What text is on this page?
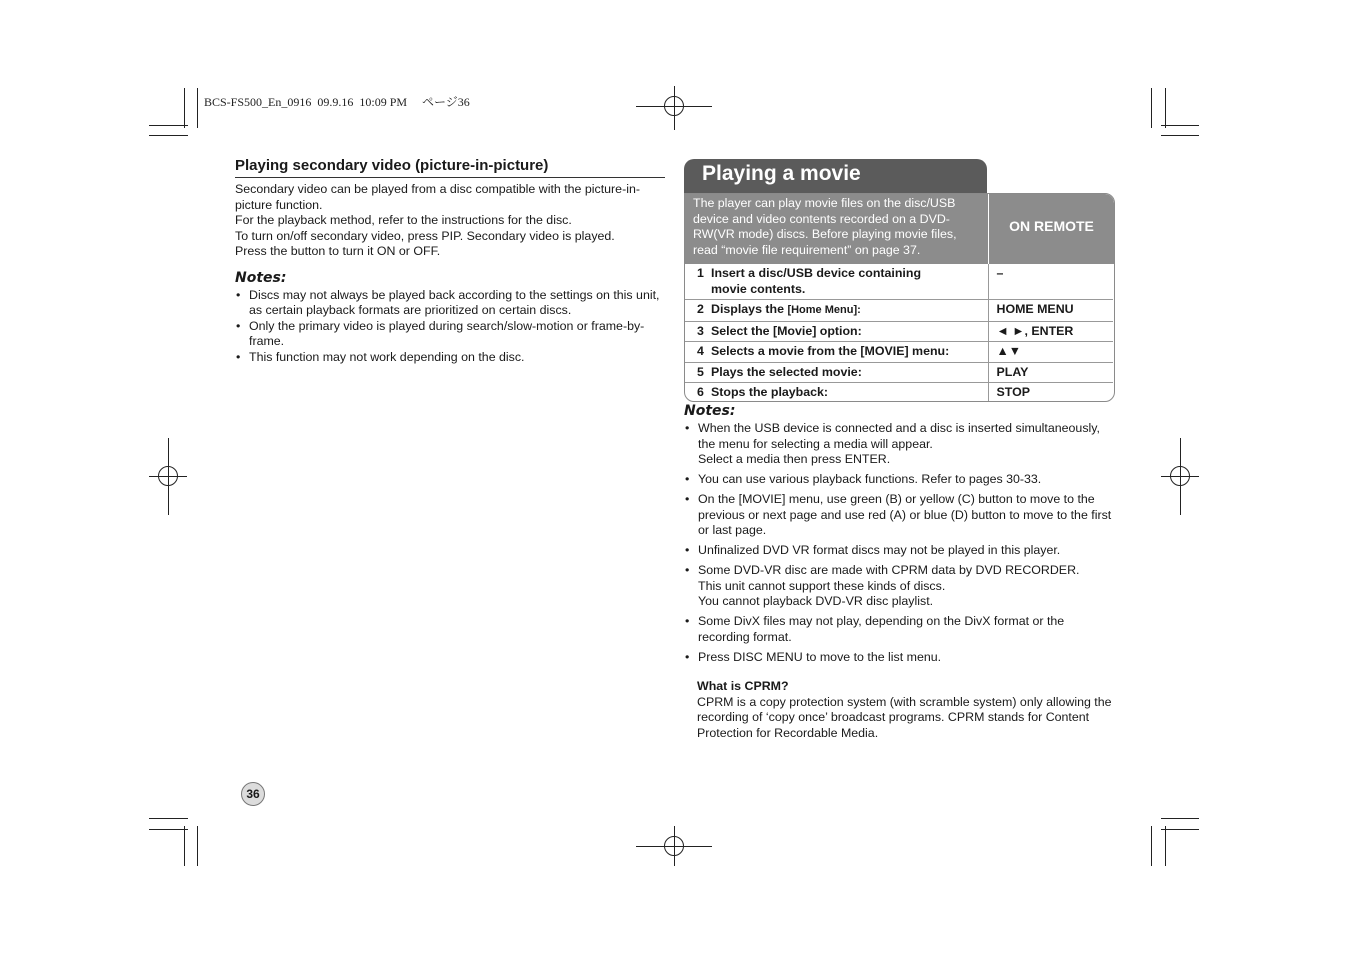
BCS-FS500_En_0916  09.9.16  10:09 PM     ページ36
Playing secondary video (picture-in-picture)

Secondary video can be played from a disc compatible with the picture-in-picture function.

For the playback method, refer to the instructions for the disc.

To turn on/off secondary video, press PIP. Secondary video is played.

Press the button to turn it ON or OFF.

Notes:
• Discs may not always be played back according to the settings on this unit, as certain playback formats are prioritized on certain discs.
• Only the primary video is played during search/slow-motion or frame-by-frame.
• This function may not work depending on the disc.
Playing a movie
The player can play movie files on the disc/USB device and video contents recorded on a DVD-RW(VR mode) discs. Before playing movie files, read “movie file requirement” on page 37.
ON REMOTE
1 Insert a disc/USB device containing
movie contents.	–
2 Displays the [Home Menu]:	HOME MENU
3 Select the [Movie] option:	◄ ►, ENTER
4 Selects a movie from the [MOVIE] menu:	▲▼
5 Plays the selected movie:	PLAY
6 Stops the playback:	STOP
Notes:
• When the USB device is connected and a disc is inserted simultaneously, the menu for selecting a media will appear.
Select a media then press ENTER.
• You can use various playback functions. Refer to pages 30-33.
• On the [MOVIE] menu, use green (B) or yellow (C) button to move to the previous or next page and use red (A) or blue (D) button to move to the first or last page.
• Unfinalized DVD VR format discs may not be played in this player.
• Some DVD-VR disc are made with CPRM data by DVD RECORDER.
This unit cannot support these kinds of discs.
You cannot playback DVD-VR disc playlist.
• Some DivX files may not play, depending on the DivX format or the recording format.
• Press DISC MENU to move to the list menu.
What is CPRM?
CPRM is a copy protection system (with scramble system) only allowing the recording of ‘copy once’ broadcast programs. CPRM stands for Content Protection for Recordable Media.
36
